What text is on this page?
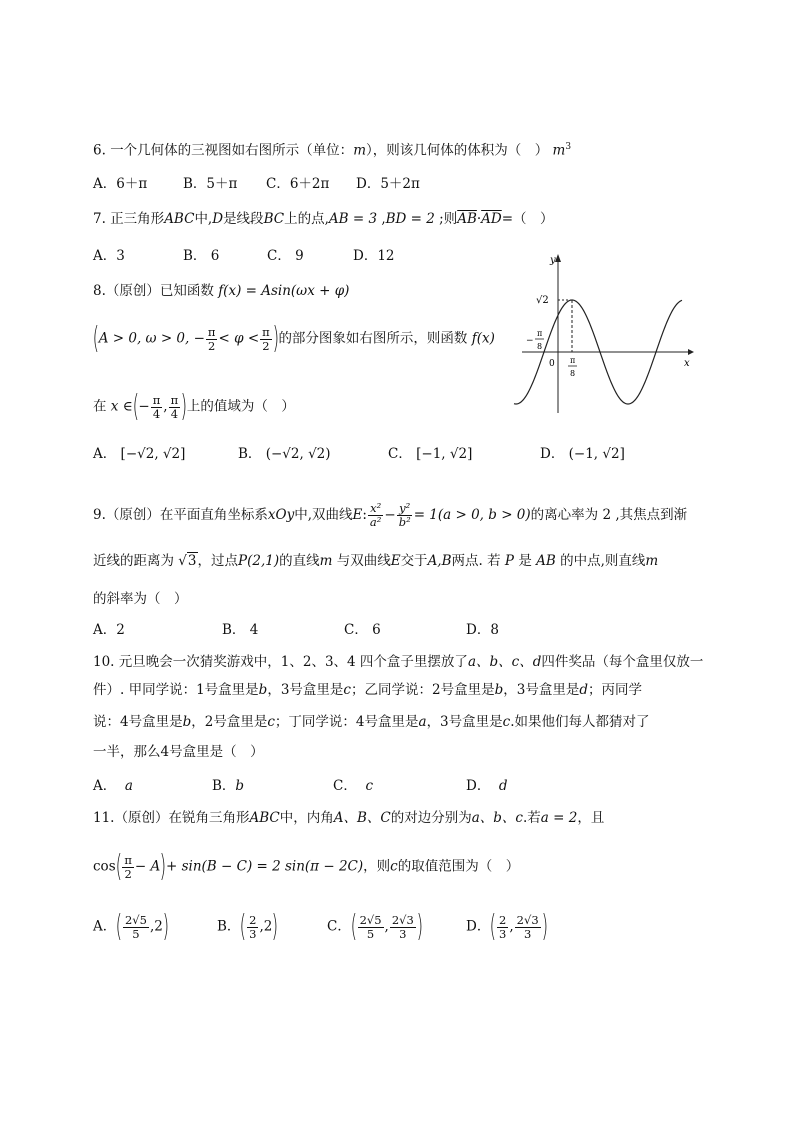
6. 一个几何体的三视图如右图所示（单位：m），则该几何体的体积为（　） $m^3$
A．6＋π	B．5＋π C．6＋2π D．5＋2π
7. 正三角形ABC中,D是线段BC上的点,AB = 3 ,BD = 2 ;则$\overline{AB}\cdot\overline{AD}=$（　）
A．3	B． 6	C． 9	D．12
8.（原创）已知函数 f(x) = Asin(ωx + φ)
(A > 0, ω > 0, − $\frac{\pi}{2} < \varphi < \frac{\pi}{2}$ )的部分图象如右图所示，则函数 f(x)
在 x ∈(− $\frac{\pi}{4}$ , $\frac{\pi}{4}$ )上的值域为（　）
A． [−√2, √2]	B． (−√2, √2)	C． [−1, √2]	D． (−1, √2]
y
x
0
√2
−
π
8
π
8
9.（原创）在平面直角坐标系xOy中,双曲线E: $\frac{\text{x²}}{\text{a²}} - \frac{\text{y²}}{\text{b²}} = 1(a > 0$, b > 0)的离心率为 2 ,其焦点到渐
近线的距离为 √3，过点P(2,1)的直线m 与双曲线E交于A,B两点. 若 P 是 AB 的中点,则直线m
的斜率为（　）
A．2	B． 4	C． 6	D．8
10. 元旦晚会一次猜奖游戏中，1、2、3、4 四个盒子里摆放了a、b、c、d四件奖品（每个盒里仅放一
件）. 甲同学说：1号盒里是b，3号盒里是c；乙同学说：2号盒里是b，3号盒里是d；丙同学
说：4号盒里是b，2号盒里是c；丁同学说：4号盒里是a，3号盒里是c.如果他们每人都猜对了
一半，那么4号盒里是（　）
A． a	B．b	C． c	D． d
11.（原创）在锐角三角形ABC中，内角A、B、C的对边分别为a、b、c.若a = 2，且
$\cos( \frac{\pi}{2} - A)+ \sin(B - C) = 2$ sin(π − 2C)，则c的取值范围为（　）
A．( $\frac{2√5}{5} ,2$)	B．( $\frac{2}{3} ,2$)	C．( $\frac{2√5}{5}$ , $\frac{2√3}{3}$ )	D．( $\frac{2}{3}$ , $\frac{2√3}{3}$ )
